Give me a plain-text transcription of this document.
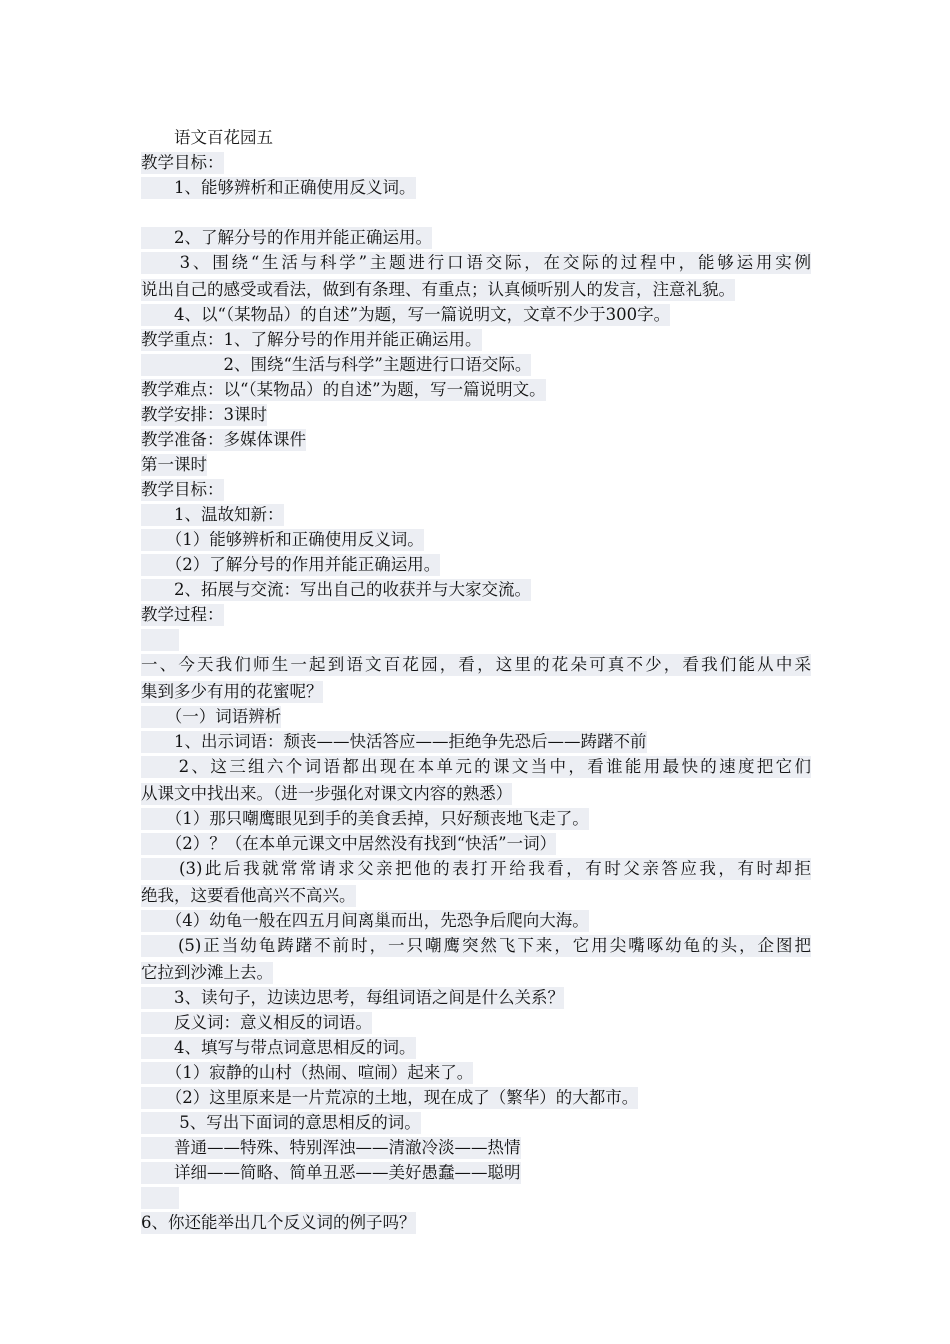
　　语文百花园五
教学目标：
　　1、能够辨析和正确使用反义词。
　　2、了解分号的作用并能正确运用。
　　3、围绕“生活与科学”主题进行口语交际，在交际的过程中，能够运用实例
说出自己的感受或看法，做到有条理、有重点；认真倾听别人的发言，注意礼貌。
　　4、以“（某物品）的自述”为题，写一篇说明文，文章不少于300字。
教学重点：1、了解分号的作用并能正确运用。
　　　　　2、围绕“生活与科学”主题进行口语交际。
教学难点：以“（某物品）的自述”为题，写一篇说明文。
教学安排：3课时
教学准备：多媒体课件
第一课时
教学目标：
　　1、温故知新：
　　（1）能够辨析和正确使用反义词。
　　（2）了解分号的作用并能正确运用。
　　2、拓展与交流：写出自己的收获并与大家交流。
教学过程：

一、今天我们师生一起到语文百花园，看，这里的花朵可真不少，看我们能从中采
集到多少有用的花蜜呢？
　　（一）词语辨析
　　1、出示词语：颓丧——快活答应——拒绝争先恐后——踌躇不前
　　2、这三组六个词语都出现在本单元的课文当中，看谁能用最快的速度把它们
从课文中找出来。（进一步强化对课文内容的熟悉）
　　（1）那只嘲鹰眼见到手的美食丢掉，只好颓丧地飞走了。
　　（2）？（在本单元课文中居然没有找到“快活”一词）
　　(3)此后我就常常请求父亲把他的表打开给我看，有时父亲答应我，有时却拒
绝我，这要看他高兴不高兴。
　　（4）幼龟一般在四五月间离巢而出，先恐争后爬向大海。
　　(5)正当幼龟踌躇不前时，一只嘲鹰突然飞下来，它用尖嘴啄幼龟的头，企图把
它拉到沙滩上去。
　　3、读句子，边读边思考，每组词语之间是什么关系？
　　反义词：意义相反的词语。
　　4、填写与带点词意思相反的词。
　　（1）寂静的山村（热闹、喧闹）起来了。
　　（2）这里原来是一片荒凉的土地，现在成了（繁华）的大都市。
　　 5、写出下面词的意思相反的词。
　　普通——特殊、特别浑浊——清澈冷淡——热情
　　详细——简略、简单丑恶——美好愚蠢——聪明

6、你还能举出几个反义词的例子吗？
